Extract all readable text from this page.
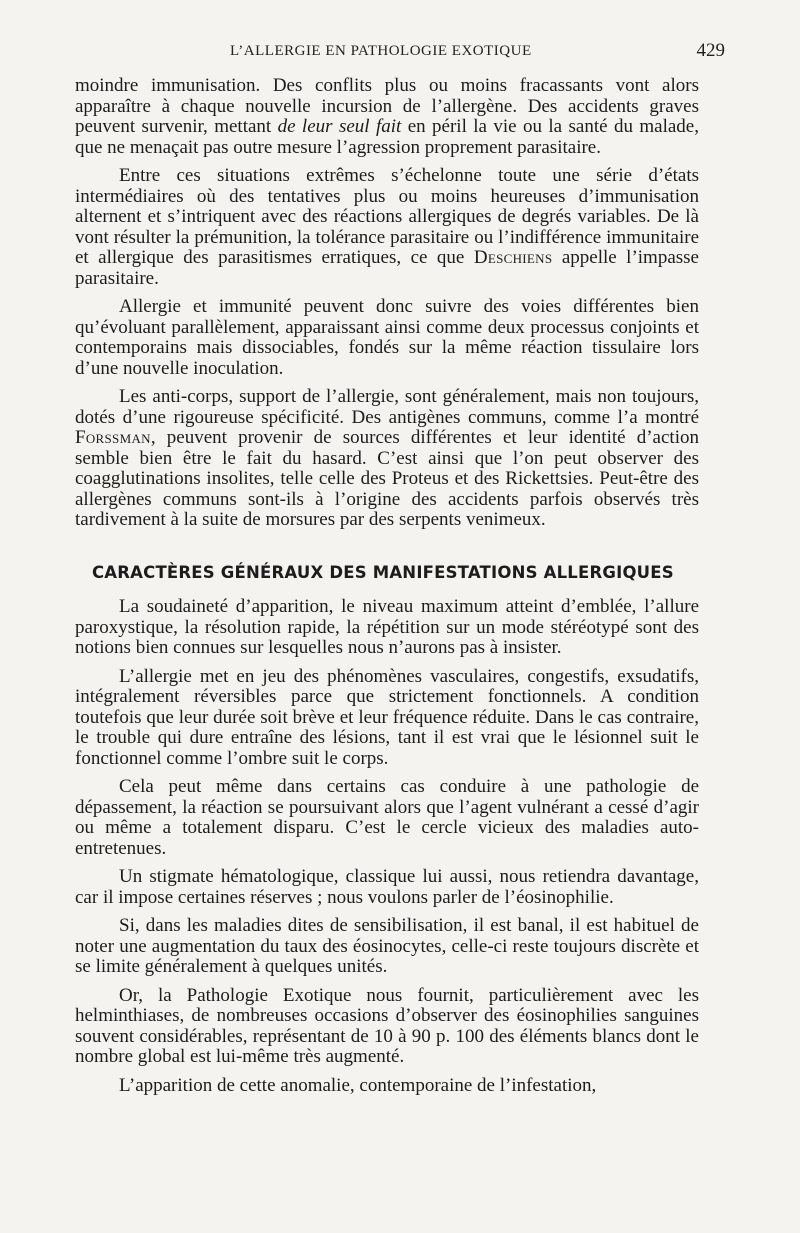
L’ALLERGIE EN PATHOLOGIE EXOTIQUE	429

moindre immunisation. Des conflits plus ou moins fracassants vont alors apparaître à chaque nouvelle incursion de l’allergène. Des accidents graves peuvent survenir, mettant de leur seul fait en péril la vie ou la santé du malade, que ne menaçait pas outre mesure l’agression proprement parasitaire.

Entre ces situations extrêmes s’échelonne toute une série d’états intermédiaires où des tentatives plus ou moins heureuses d’immunisation alternent et s’intriquent avec des réactions allergiques de degrés variables. De là vont résulter la prémunition, la tolérance parasitaire ou l’indifférence immunitaire et allergique des parasitismes erratiques, ce que Deschiens appelle l’impasse parasitaire.

Allergie et immunité peuvent donc suivre des voies différentes bien qu’évoluant parallèlement, apparaissant ainsi comme deux processus conjoints et contemporains mais dissociables, fondés sur la même réaction tissulaire lors d’une nouvelle inoculation.

Les anti-corps, support de l’allergie, sont généralement, mais non toujours, dotés d’une rigoureuse spécificité. Des antigènes communs, comme l’a montré Forssman, peuvent provenir de sources différentes et leur identité d’action semble bien être le fait du hasard. C’est ainsi que l’on peut observer des coagglutinations insolites, telle celle des Proteus et des Rickettsies. Peut-être des allergènes communs sont-ils à l’origine des accidents parfois observés très tardivement à la suite de morsures par des serpents venimeux.

CARACTÈRES GÉNÉRAUX DES MANIFESTATIONS ALLERGIQUES

La soudaineté d’apparition, le niveau maximum atteint d’emblée, l’allure paroxystique, la résolution rapide, la répétition sur un mode stéréotypé sont des notions bien connues sur lesquelles nous n’aurons pas à insister.

L’allergie met en jeu des phénomènes vasculaires, congestifs, exsudatifs, intégralement réversibles parce que strictement fonctionnels. A condition toutefois que leur durée soit brève et leur fréquence réduite. Dans le cas contraire, le trouble qui dure entraîne des lésions, tant il est vrai que le lésionnel suit le fonctionnel comme l’ombre suit le corps.

Cela peut même dans certains cas conduire à une pathologie de dépassement, la réaction se poursuivant alors que l’agent vulnérant a cessé d’agir ou même a totalement disparu. C’est le cercle vicieux des maladies auto-entretenues.

Un stigmate hématologique, classique lui aussi, nous retiendra davantage, car il impose certaines réserves ; nous voulons parler de l’éosinophilie.

Si, dans les maladies dites de sensibilisation, il est banal, il est habituel de noter une augmentation du taux des éosinocytes, celle-ci reste toujours discrète et se limite généralement à quelques unités.

Or, la Pathologie Exotique nous fournit, particulièrement avec les helminthiases, de nombreuses occasions d’observer des éosinophilies sanguines souvent considérables, représentant de 10 à 90 p. 100 des éléments blancs dont le nombre global est lui-même très augmenté.

L’apparition de cette anomalie, contemporaine de l’infestation,
